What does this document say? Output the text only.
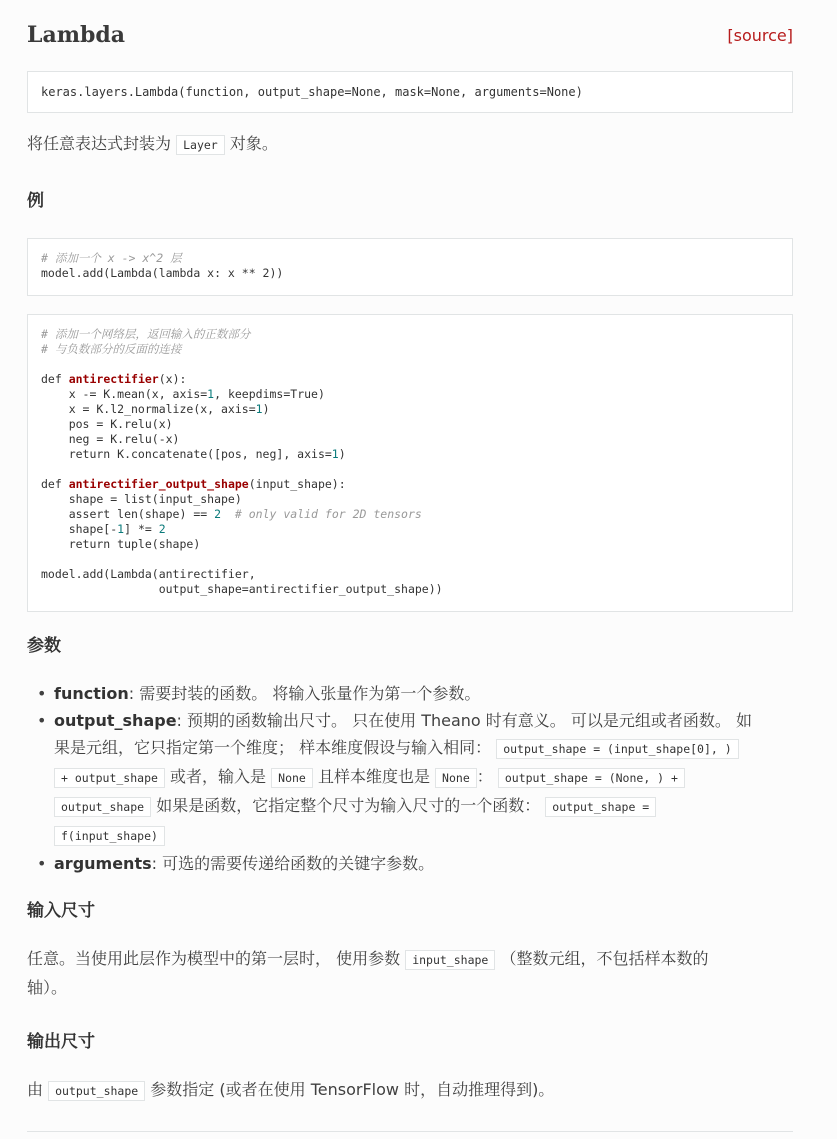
Lambda	[source]
keras.layers.Lambda(function, output_shape=None, mask=None, arguments=None)
将任意表达式封装为 Layer 对象。
例
# 添加一个 x -> x^2 层
model.add(Lambda(lambda x: x ** 2))
# 添加一个网络层，返回输入的正数部分
# 与负数部分的反面的连接

def antirectifier(x):
x -= K.mean(x, axis=1, keepdims=True)
x = K.l2_normalize(x, axis=1)
pos = K.relu(x)
neg = K.relu(-x)
return K.concatenate([pos, neg], axis=1)

def antirectifier_output_shape(input_shape):
shape = list(input_shape)
assert len(shape) == 2 # only valid for 2D tensors
shape[-1] *= 2
return tuple(shape)

model.add(Lambda(antirectifier,
output_shape=antirectifier_output_shape))
参数
• function: 需要封装的函数。 将输入张量作为第一个参数。
• output_shape: 预期的函数输出尺寸。 只在使用 Theano 时有意义。 可以是元组或者函数。 如
果是元组，它只指定第一个维度； 样本维度假设与输入相同： output_shape = (input_shape[0], )
+ output_shape 或者，输入是 None 且样本维度也是 None ： output_shape = (None, ) +
output_shape 如果是函数，它指定整个尺寸为输入尺寸的一个函数： output_shape =
f(input_shape)
• arguments: 可选的需要传递给函数的关键字参数。
输入尺寸
任意。当使用此层作为模型中的第一层时， 使用参数 input_shape （整数元组，不包括样本数的
轴）。
输出尺寸
由 output_shape 参数指定 (或者在使用 TensorFlow 时，自动推理得到)。
